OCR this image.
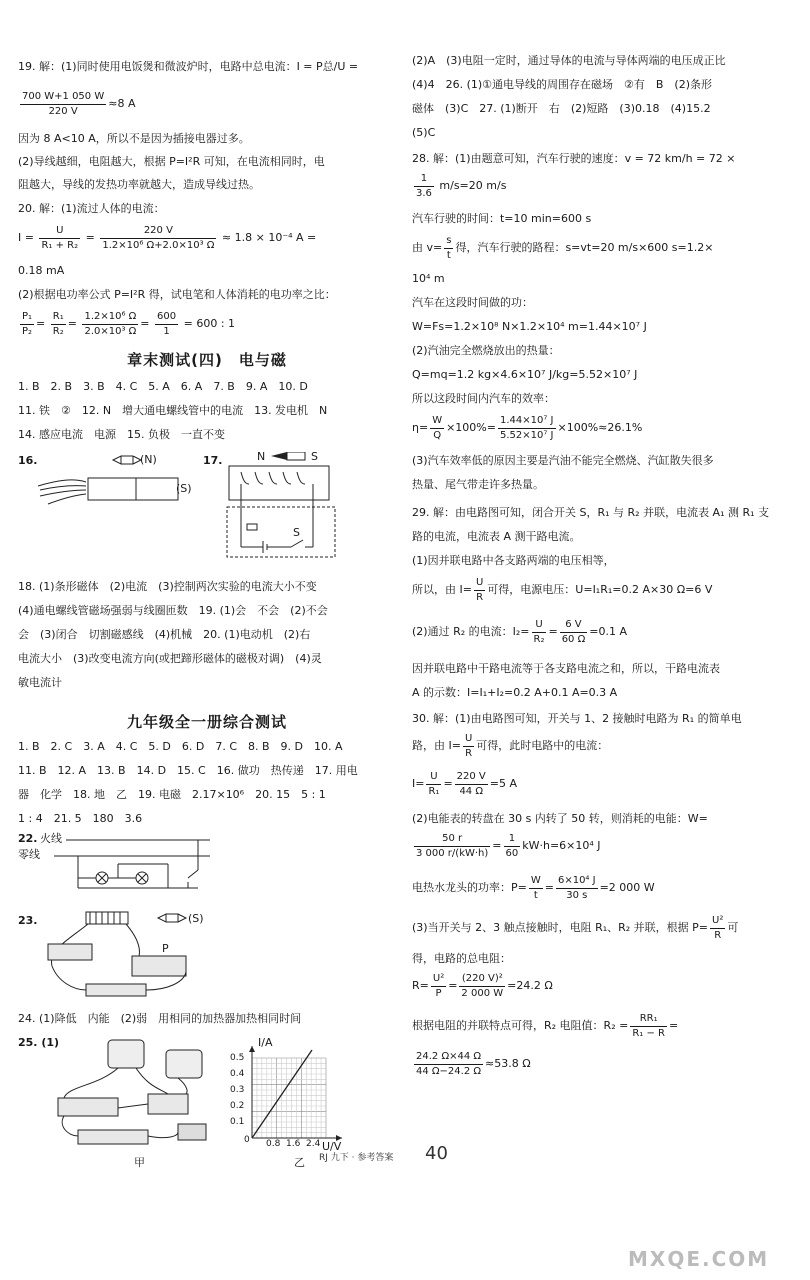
19. 解：(1)同时使用电饭煲和微波炉时，电路中总电流：I = P总/U =
$\frac{700 W+1 050 W}{220 V} \approx 8$ A
因为 8 A<10 A，所以不是因为插接电器过多。
(2)导线越细，电阻越大，根据 P=I²R 可知，在电流相同时，电
阻越大，导线的发热功率就越大，造成导线过热。
20. 解：(1)流过人体的电流：
$I = \frac{U}{\text{R₁ + R₂}} = \frac{220 V}{\text{1.2×10⁶ Ω+2.0×10³ Ω}} \approx 1.8 \times 10^{-4}$ A =
0.18 mA
(2)根据电功率公式 P=I²R 得，试电笔和人体消耗的电功率之比：
$\frac{\text{P₁}}{\text{P₂}} = \frac{\text{R₁}}{\text{R₂}} = \frac{\text{1.2×10⁶ Ω}}{\text{2.0×10³ Ω}} = \frac{600}{1} = 600$ : 1
章末测试(四)　电与磁
1. B　2. B　3. B　4. C　5. A　6. A　7. B　9. A　10. D
11. 铁　②　12. N　增大通电螺线管中的电流　13. 发电机　N
14. 感应电流　电源　15. 负极　一直不变
16.	(N)
(S)
17.	N	S
S
18. (1)条形磁体　(2)电流　(3)控制两次实验的电流大小不变
(4)通电螺线管磁场强弱与线圈匝数　19. (1)会　不会　(2)不会
会　(3)闭合　切割磁感线　(4)机械　20. (1)电动机　(2)右
电流大小　(3)改变电流方向(或把蹄形磁体的磁极对调)　(4)灵
敏电流计
九年级全一册综合测试
1. B　2. C　3. A　4. C　5. D　6. D　7. C　8. B　9. D　10. A
11. B　12. A　13. B　14. D　15. C　16. 做功　热传递　17. 用电
器　化学　18. 地　乙　19. 电磁　2.17×10⁶　20. 15　5 : 1
1 : 4　21. 5　180　3.6
22. 火线
零线
23.	(S)
P
24. (1)降低　内能　(2)弱　用相同的加热器加热相同时间
25. (1)
甲
I/A
U/V
0.5
0.4
0.3
0.2
0.1
0 0.8 1.6 2.4
乙
(2)A　(3)电阻一定时，通过导体的电流与导体两端的电压成正比
(4)4　26. (1)①通电导线的周围存在磁场　②有　B　(2)条形
磁体　(3)C　27. (1)断开　右　(2)短路　(3)0.18　(4)15.2
(5)C
28. 解：(1)由题意可知，汽车行驶的速度：v = 72 km/h = 72 ×
$\frac{1}{3.6} m/s=20$ m/s
汽车行驶的时间：t=10 min=600 s
由 $v= \frac{s}{t}$ 得，汽车行驶的路程：s=vt=20 m/s×600 s=1.2×
10⁴ m
汽车在这段时间做的功：
W=Fs=1.2×10⁸ N×1.2×10⁴ m=1.44×10⁷ J
(2)汽油完全燃烧放出的热量：
Q=mq=1.2 kg×4.6×10⁷ J/kg=5.52×10⁷ J
所以这段时间内汽车的效率：
$\eta= \frac{W}{Q} \times 100\%= \frac{\text{1.44×10⁷ J}}{\text{5.52×10⁷ J}} \times 100\%\approx 26.1\%$
(3)汽车效率低的原因主要是汽油不能完全燃烧、汽缸散失很多
热量、尾气带走许多热量。
29. 解：由电路图可知，闭合开关 S，R₁ 与 R₂ 并联，电流表 A₁ 测 R₁ 支
路的电流，电流表 A 测干路电流。
(1)因并联电路中各支路两端的电压相等，
所以，由 $I= \frac{U}{R}$ 可得，电源电压：U=I₁R₁=0.2 A×30 Ω=6 V
(2)通过 R₂ 的电流：$I_2= \frac{U}{\text{R₂}} = \frac{6 V}{60 \Omega} =0.1$ A
因并联电路中干路电流等于各支路电流之和，所以，干路电流表
A 的示数：I=I₁+I₂=0.2 A+0.1 A=0.3 A
30. 解：(1)由电路图可知，开关与 1、2 接触时电路为 R₁ 的简单电
路，由 $I= \frac{U}{R}$ 可得，此时电路中的电流：
$I= \frac{U}{\text{R₁}} = \frac{220 V}{44 \Omega} =5$ A
(2)电能表的转盘在 30 s 内转了 50 转，则消耗的电能：W=
$\frac{50 r}{3 000 r/(kW\cdot h)} = \frac{1}{60} kW\cdot h=6\times 10^4$ J
电热水龙头的功率：$P= \frac{W}{t} = \frac{\text{6×10⁴ J}}{30 s} =2$ 000 W
(3)当开关与 2、3 触点接触时，电阻 R₁、R₂ 并联，根据 $P= \frac{\text{U²}}{R}$ 可
得，电路的总电阻：
$R= \frac{\text{U²}}{P} = \frac{\text{(220 V)²}}{2 000 W} =24.2$ Ω
根据电阻的并联特点可得，R₂ 电阻值：$R_2 = \frac{\text{RR₁}}{\text{R₁ − R}}$ =
$\frac{24.2 \Omega\times 44 \Omega}{44 \Omega-24.2 \Omega} \approx 53.8$ Ω
RJ 九下 · 参考答案 40
MXQE.COM
